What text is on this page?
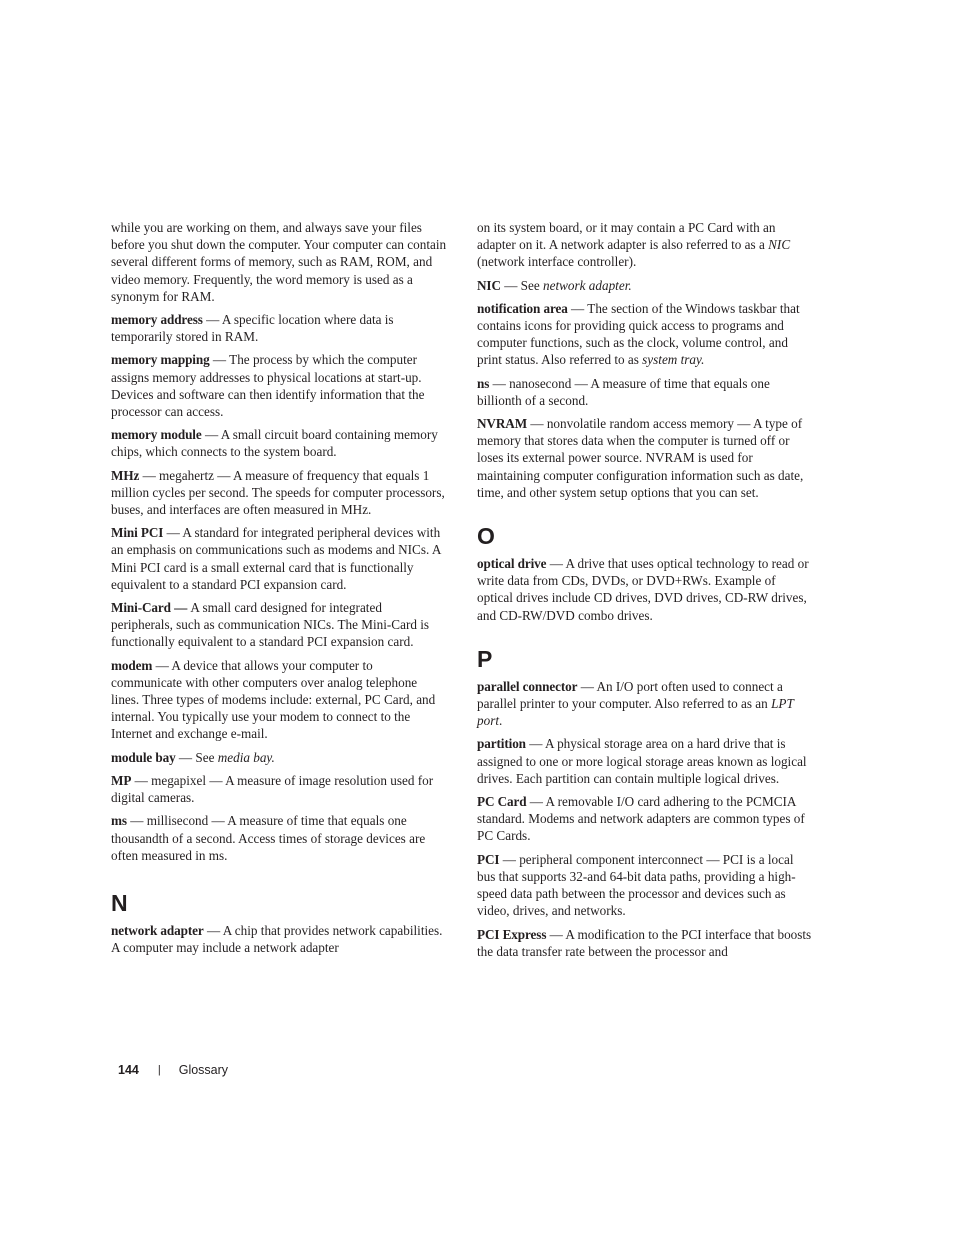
while you are working on them, and always save your files before you shut down the computer. Your computer can contain several different forms of memory, such as RAM, ROM, and video memory. Frequently, the word memory is used as a synonym for RAM.

memory address — A specific location where data is temporarily stored in RAM.

memory mapping — The process by which the computer assigns memory addresses to physical locations at start-up. Devices and software can then identify information that the processor can access.

memory module — A small circuit board containing memory chips, which connects to the system board.

MHz — megahertz — A measure of frequency that equals 1 million cycles per second. The speeds for computer processors, buses, and interfaces are often measured in MHz.

Mini PCI — A standard for integrated peripheral devices with an emphasis on communications such as modems and NICs. A Mini PCI card is a small external card that is functionally equivalent to a standard PCI expansion card.

Mini-Card — A small card designed for integrated peripherals, such as communication NICs. The Mini-Card is functionally equivalent to a standard PCI expansion card.

modem — A device that allows your computer to communicate with other computers over analog telephone lines. Three types of modems include: external, PC Card, and internal. You typically use your modem to connect to the Internet and exchange e-mail.

module bay — See media bay.

MP — megapixel — A measure of image resolution used for digital cameras.

ms — millisecond — A measure of time that equals one thousandth of a second. Access times of storage devices are often measured in ms.

N

network adapter — A chip that provides network capabilities. A computer may include a network adapter

on its system board, or it may contain a PC Card with an adapter on it. A network adapter is also referred to as a NIC (network interface controller).

NIC — See network adapter.

notification area — The section of the Windows taskbar that contains icons for providing quick access to programs and computer functions, such as the clock, volume control, and print status. Also referred to as system tray.

ns — nanosecond — A measure of time that equals one billionth of a second.

NVRAM — nonvolatile random access memory — A type of memory that stores data when the computer is turned off or loses its external power source. NVRAM is used for maintaining computer configuration information such as date, time, and other system setup options that you can set.

O

optical drive — A drive that uses optical technology to read or write data from CDs, DVDs, or DVD+RWs. Example of optical drives include CD drives, DVD drives, CD-RW drives, and CD-RW/DVD combo drives.

P

parallel connector — An I/O port often used to connect a parallel printer to your computer. Also referred to as an LPT port.

partition — A physical storage area on a hard drive that is assigned to one or more logical storage areas known as logical drives. Each partition can contain multiple logical drives.

PC Card — A removable I/O card adhering to the PCMCIA standard. Modems and network adapters are common types of PC Cards.

PCI — peripheral component interconnect — PCI is a local bus that supports 32-and 64-bit data paths, providing a high-speed data path between the processor and devices such as video, drives, and networks.

PCI Express — A modification to the PCI interface that boosts the data transfer rate between the processor and

144 | Glossary
